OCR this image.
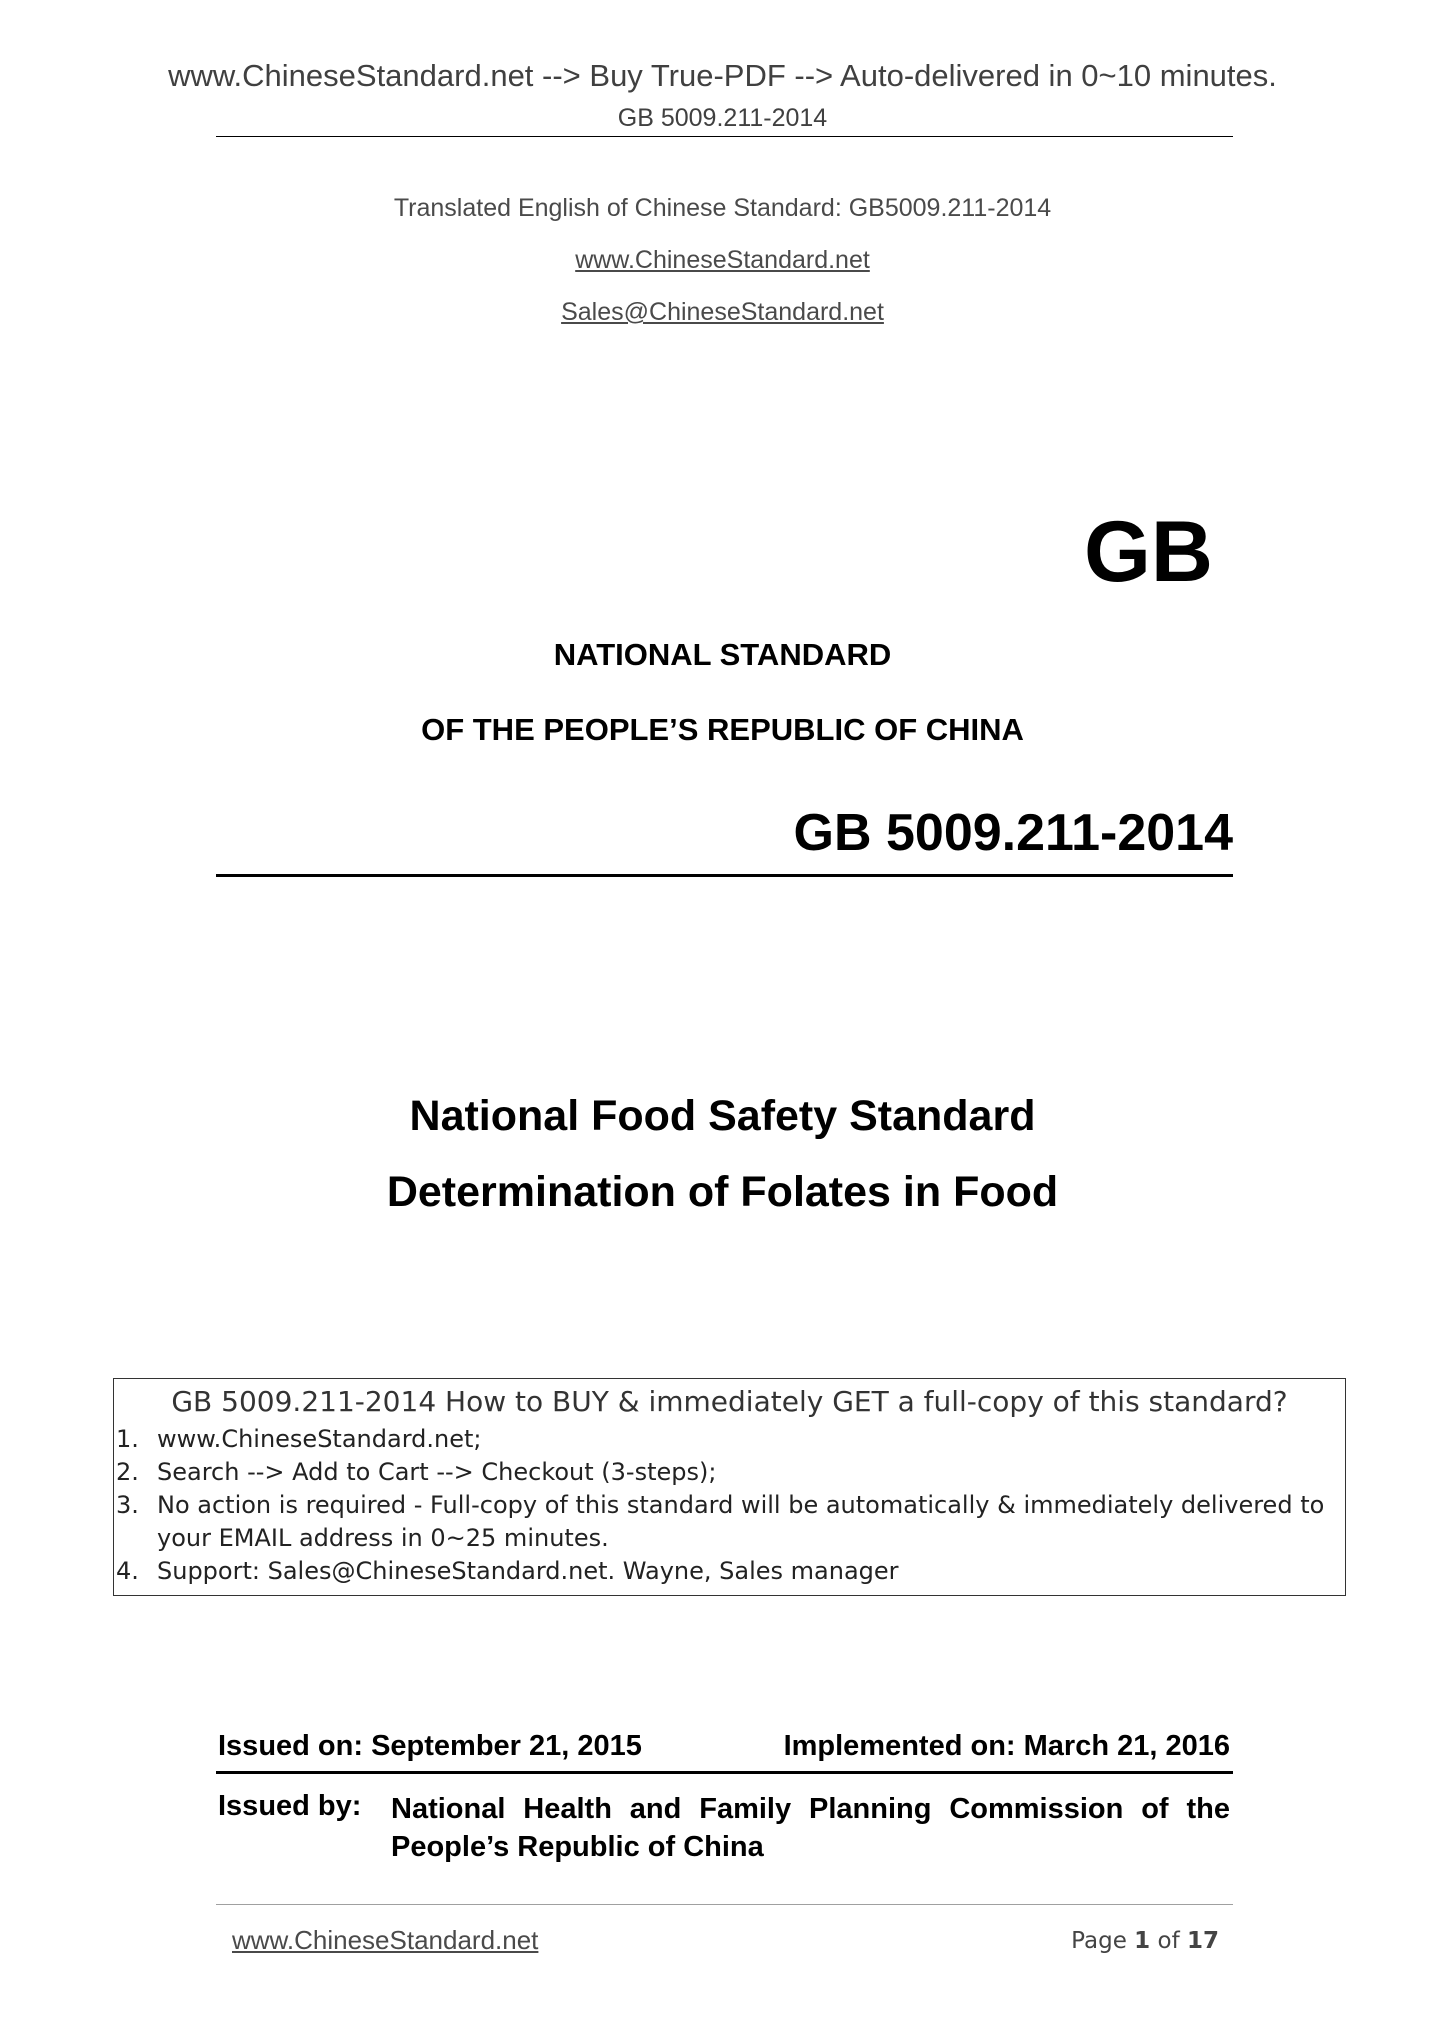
www.ChineseStandard.net --> Buy True-PDF --> Auto-delivered in 0~10 minutes.
GB 5009.211-2014
Translated English of Chinese Standard: GB5009.211-2014
www.ChineseStandard.net
Sales@ChineseStandard.net
GB
NATIONAL STANDARD
OF THE PEOPLE’S REPUBLIC OF CHINA
GB 5009.211-2014
National Food Safety Standard
Determination of Folates in Food
GB 5009.211-2014 How to BUY & immediately GET a full-copy of this standard?
1. www.ChineseStandard.net;
2. Search --> Add to Cart --> Checkout (3-steps);
3. No action is required - Full-copy of this standard will be automatically & immediately delivered to your EMAIL address in 0~25 minutes.
4. Support: Sales@ChineseStandard.net. Wayne, Sales manager
Issued on: September 21, 2015	Implemented on: March 21, 2016
Issued by:	National Health and Family Planning Commission of the
People’s Republic of China
www.ChineseStandard.net	Page 1 of 17
